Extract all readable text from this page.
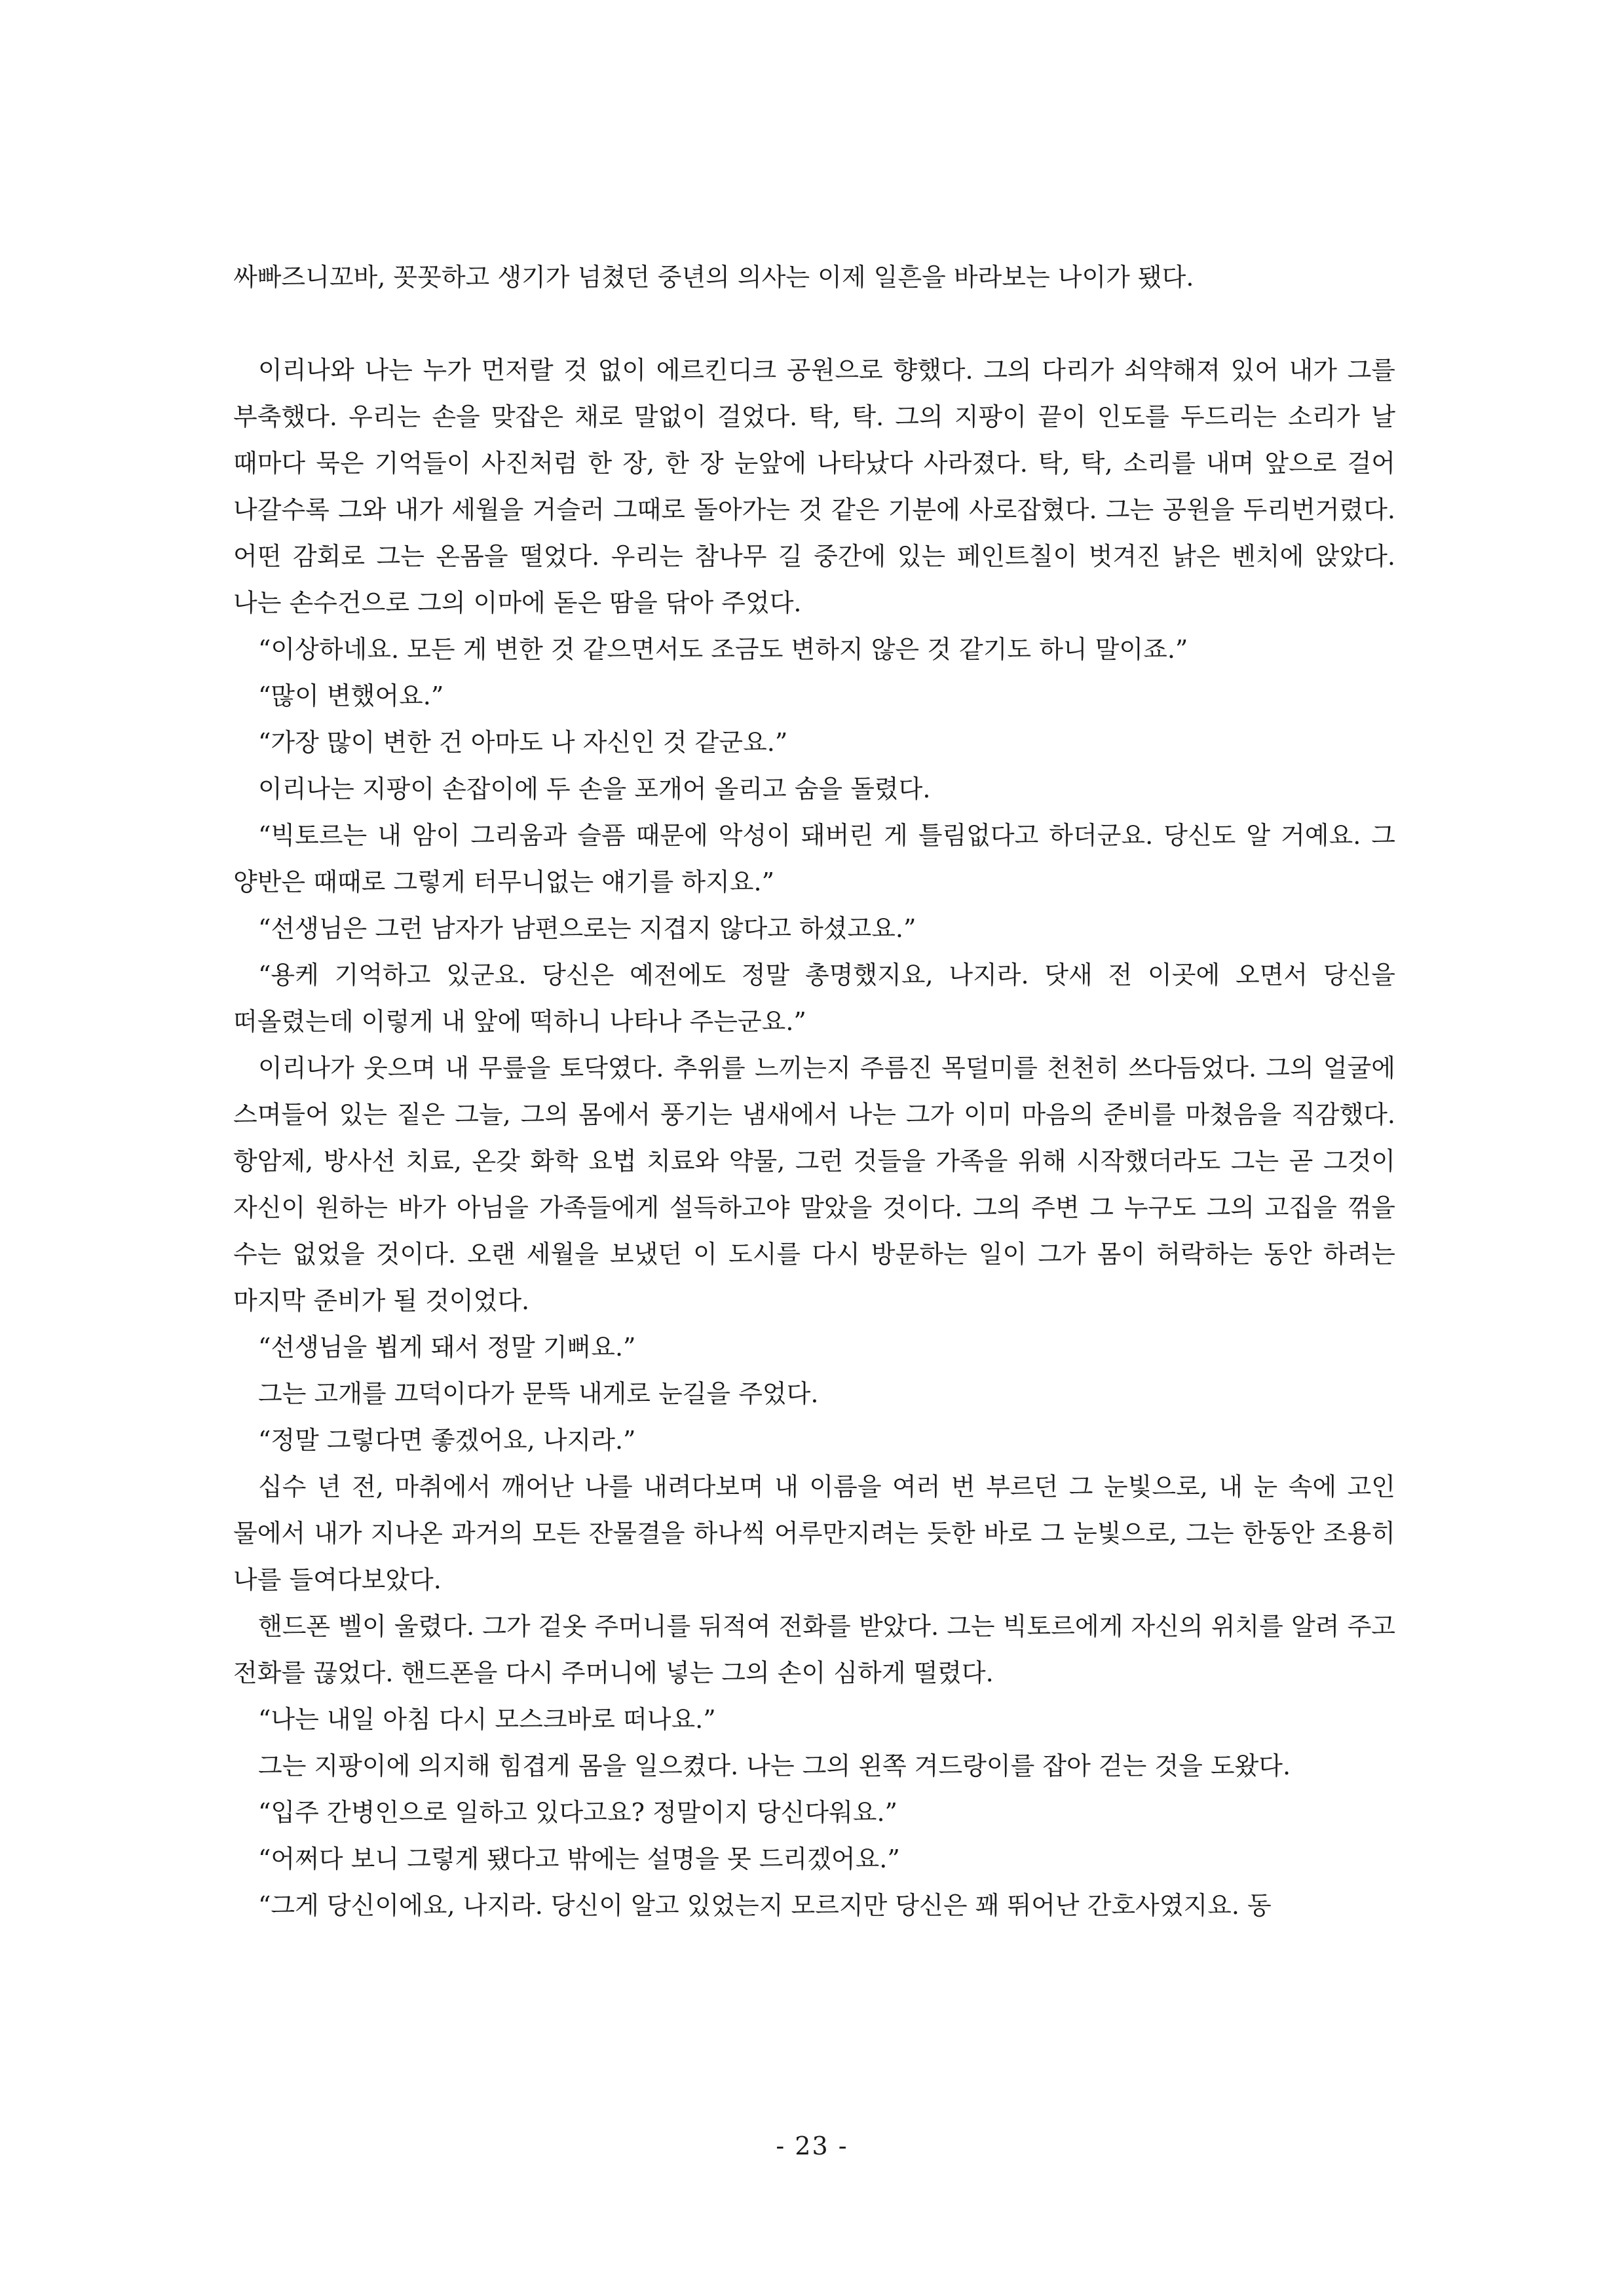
싸빠즈니꼬바, 꼿꼿하고 생기가 넘쳤던 중년의 의사는 이제 일흔을 바라보는 나이가 됐다.

이리나와 나는 누가 먼저랄 것 없이 에르킨디크 공원으로 향했다. 그의 다리가 쇠약해져 있어 내가 그를 부축했다. 우리는 손을 맞잡은 채로 말없이 걸었다. 탁, 탁. 그의 지팡이 끝이 인도를 두드리는 소리가 날 때마다 묵은 기억들이 사진처럼 한 장, 한 장 눈앞에 나타났다 사라졌다. 탁, 탁, 소리를 내며 앞으로 걸어 나갈수록 그와 내가 세월을 거슬러 그때로 돌아가는 것 같은 기분에 사로잡혔다. 그는 공원을 두리번거렸다. 어떤 감회로 그는 온몸을 떨었다. 우리는 참나무 길 중간에 있는 페인트칠이 벗겨진 낡은 벤치에 앉았다. 나는 손수건으로 그의 이마에 돋은 땀을 닦아 주었다.

“이상하네요. 모든 게 변한 것 같으면서도 조금도 변하지 않은 것 같기도 하니 말이죠.”

“많이 변했어요.”

“가장 많이 변한 건 아마도 나 자신인 것 같군요.”

이리나는 지팡이 손잡이에 두 손을 포개어 올리고 숨을 돌렸다.

“빅토르는 내 암이 그리움과 슬픔 때문에 악성이 돼버린 게 틀림없다고 하더군요. 당신도 알 거예요. 그 양반은 때때로 그렇게 터무니없는 얘기를 하지요.”

“선생님은 그런 남자가 남편으로는 지겹지 않다고 하셨고요.”

“용케 기억하고 있군요. 당신은 예전에도 정말 총명했지요, 나지라. 닷새 전 이곳에 오면서 당신을 떠올렸는데 이렇게 내 앞에 떡하니 나타나 주는군요.”

이리나가 웃으며 내 무릎을 토닥였다. 추위를 느끼는지 주름진 목덜미를 천천히 쓰다듬었다. 그의 얼굴에 스며들어 있는 짙은 그늘, 그의 몸에서 풍기는 냄새에서 나는 그가 이미 마음의 준비를 마쳤음을 직감했다. 항암제, 방사선 치료, 온갖 화학 요법 치료와 약물, 그런 것들을 가족을 위해 시작했더라도 그는 곧 그것이 자신이 원하는 바가 아님을 가족들에게 설득하고야 말았을 것이다. 그의 주변 그 누구도 그의 고집을 꺾을 수는 없었을 것이다. 오랜 세월을 보냈던 이 도시를 다시 방문하는 일이 그가 몸이 허락하는 동안 하려는 마지막 준비가 될 것이었다.

“선생님을 뵙게 돼서 정말 기뻐요.”

그는 고개를 끄덕이다가 문뜩 내게로 눈길을 주었다.

“정말 그렇다면 좋겠어요, 나지라.”

십수 년 전, 마취에서 깨어난 나를 내려다보며 내 이름을 여러 번 부르던 그 눈빛으로, 내 눈 속에 고인 물에서 내가 지나온 과거의 모든 잔물결을 하나씩 어루만지려는 듯한 바로 그 눈빛으로, 그는 한동안 조용히 나를 들여다보았다.

핸드폰 벨이 울렸다. 그가 겉옷 주머니를 뒤적여 전화를 받았다. 그는 빅토르에게 자신의 위치를 알려 주고 전화를 끊었다. 핸드폰을 다시 주머니에 넣는 그의 손이 심하게 떨렸다.

“나는 내일 아침 다시 모스크바로 떠나요.”

그는 지팡이에 의지해 힘겹게 몸을 일으켰다. 나는 그의 왼쪽 겨드랑이를 잡아 걷는 것을 도왔다.

“입주 간병인으로 일하고 있다고요? 정말이지 당신다워요.”

“어쩌다 보니 그렇게 됐다고 밖에는 설명을 못 드리겠어요.”

“그게 당신이에요, 나지라. 당신이 알고 있었는지 모르지만 당신은 꽤 뛰어난 간호사였지요. 동

- 23 -
